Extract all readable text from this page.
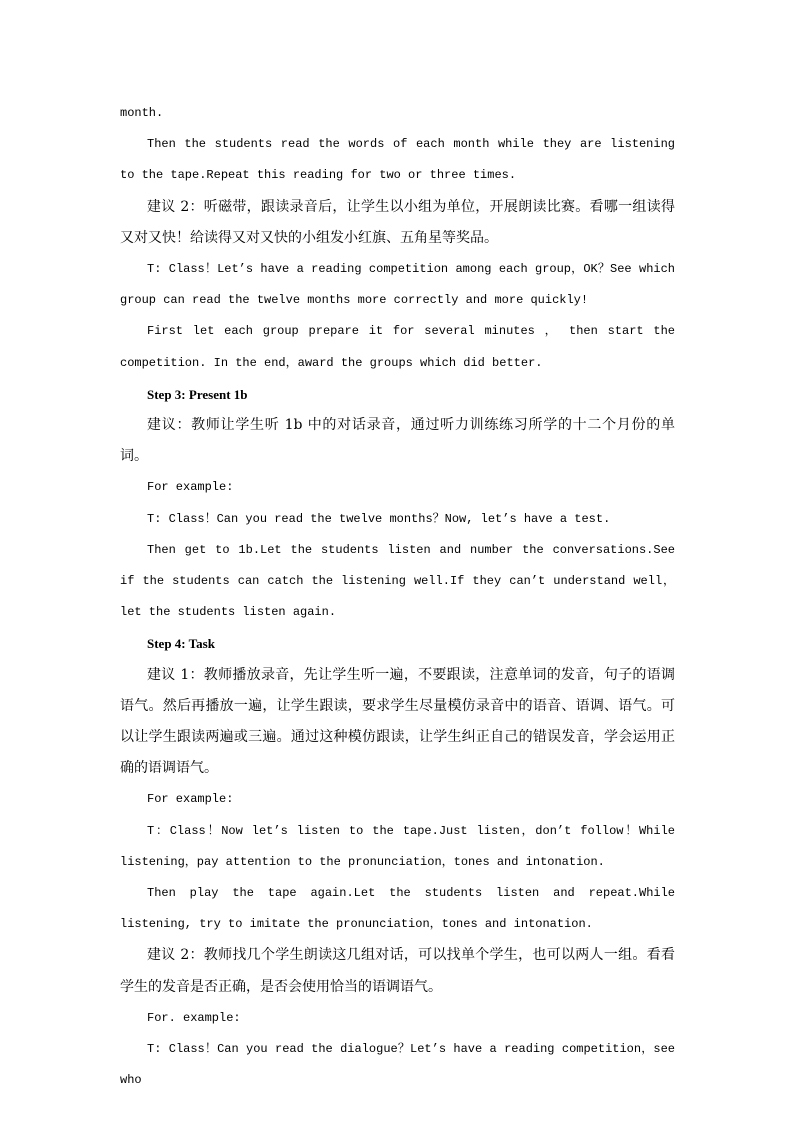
month.

Then the students read the words of each month while they are listening to the tape.Repeat this reading for two or three times.

建议 2：听磁带，跟读录音后，让学生以小组为单位，开展朗读比赛。看哪一组读得又对又快！给读得又对又快的小组发小红旗、五角星等奖品。

T: Class！Let’s have a reading competition among each group，OK？See which group can read the twelve months more correctly and more quickly!

First let each group prepare it for several minutes ， then start the competition. In the end，award the groups which did better.

Step 3: Present 1b

建议：教师让学生听 1b 中的对话录音，通过听力训练练习所学的十二个月份的单词。

For example:

T: Class！Can you read the twelve months？Now, let’s have a test.

Then get to 1b.Let the students listen and number the conversations.See if the students can catch the listening well.If they can’t understand well，let the students listen again.

Step 4: Task

建议 1：教师播放录音，先让学生听一遍，不要跟读，注意单词的发音，句子的语调语气。然后再播放一遍，让学生跟读，要求学生尽量模仿录音中的语音、语调、语气。可以让学生跟读两遍或三遍。通过这种模仿跟读，让学生纠正自己的错误发音，学会运用正确的语调语气。

For example:

T：Class！Now let’s listen to the tape.Just listen，don’t follow！While listening，pay attention to the pronunciation，tones and intonation.

Then play the tape again.Let the students listen and repeat.While listening, try to imitate the pronunciation，tones and intonation.

建议 2：教师找几个学生朗读这几组对话，可以找单个学生，也可以两人一组。看看学生的发音是否正确，是否会使用恰当的语调语气。

For. example:

T: Class！Can you read the dialogue？Let’s have a reading competition，see who
